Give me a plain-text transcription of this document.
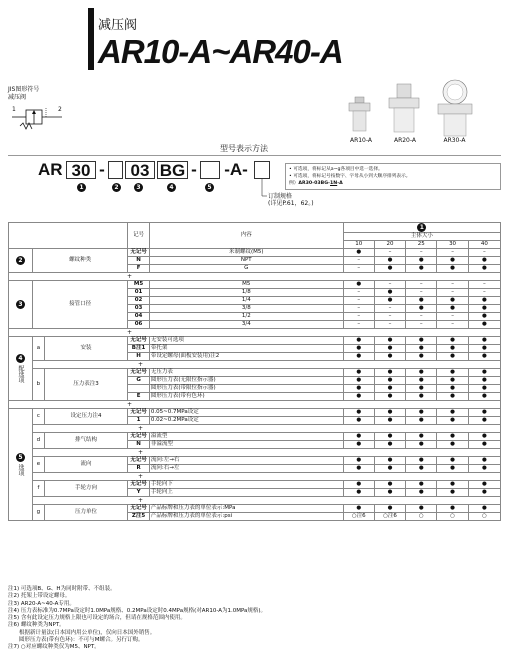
减压阀
AR10-A~AR40-A
JIS图形符号
减压阀
1	2
AR10-A	AR20-A	AR30-A
型号表示方法
AR 30 -	03 BG - -A-
1	2	3	4	5
• 可选项，将标记从a~g各项目中选一选择。
• 可选项，将标记号按数字、字母从小到大顺序排列表示。
例）AR30-03BG-1N-A
订制规格
(详见P.61，62。)
			记号	内容	1				
					主体大小				
					10	20	25	30	40
2	螺纹种类		无记号	米制螺纹(M5)	●	–	–	–	–
			N	NPT	–	●	●	●	●
			F	G	–	●	●	●	●
+									
3	接管口径		M5	M5	●	–	–	–	–
			01	1/8	–	●	–	–	–
			02	1/4	–	●	●	●	●
			03	3/8	–	–	●	●	●
			04	1/2	–	–	–	–	●
			06	3/4	–	–	–	–	●
+									
4
配选项	a	安装	无记号	无安装可选项	●	●	●	●	●
			B注1	带托架	●	●	●	●	●
			H	带设定螺母(面板安装用)注2	●	●	●	●	●
	+								
	b	压力表注3	无记号	无压力表	●	●	●	●	●
			G	圆形压力表(无限位指示器)	●	●	●	●	●
				圆形压力表(带限位指示器)	●	●	●	●	●
			E	圆形压力表(带有色环)	●	●	●	●	●
+									
5
选项	c	设定压力注4	无记号	0.05~0.7MPa设定	●	●	●	●	●
			1	0.02~0.2MPa设定	●	●	●	●	●
	+								
	d	排气结构	无记号	溢流型	●	●	●	●	●
			N	非溢流型	●	●	●	●	●
	+								
	e	流向	无记号	流向:左→右	●	●	●	●	●
			R	流向:右→左	●	●	●	●	●
	+								
	f	手轮方向	无记号	手轮向下	●	●	●	●	●
			Y	手轮向上	●	●	●	●	●
	+								
	g	压力单位	无记号	产品标牌和压力表的单位表示:MPa	●	●	●	●	●
			Z注5	产品标牌和压力表的单位表示:psi	○注6	○注6	○	○	○
注1) 可选项B、G、H为同时附带、不组装。
注2) 托架上带设定螺母。
注3) AR20-A~40-A专用。
注4) 压力表标准为0.7MPa设定时1.0MPa规格、0.2MPa设定时0.4MPa规格(对AR10-A为1.0MPa规格)。
注5) 含有此设定压力规格上限也可设定的场合，但请在规格范围内使用。
注6) 螺纹种类为NPT。
　　根据新计量法(日本国内用公单位)，仅向日本国外销售。
　　圆形压力表(带有色环)：不可与M螺合。另行订购。
注7) ○对应螺纹种类仅为M5、NPT。
